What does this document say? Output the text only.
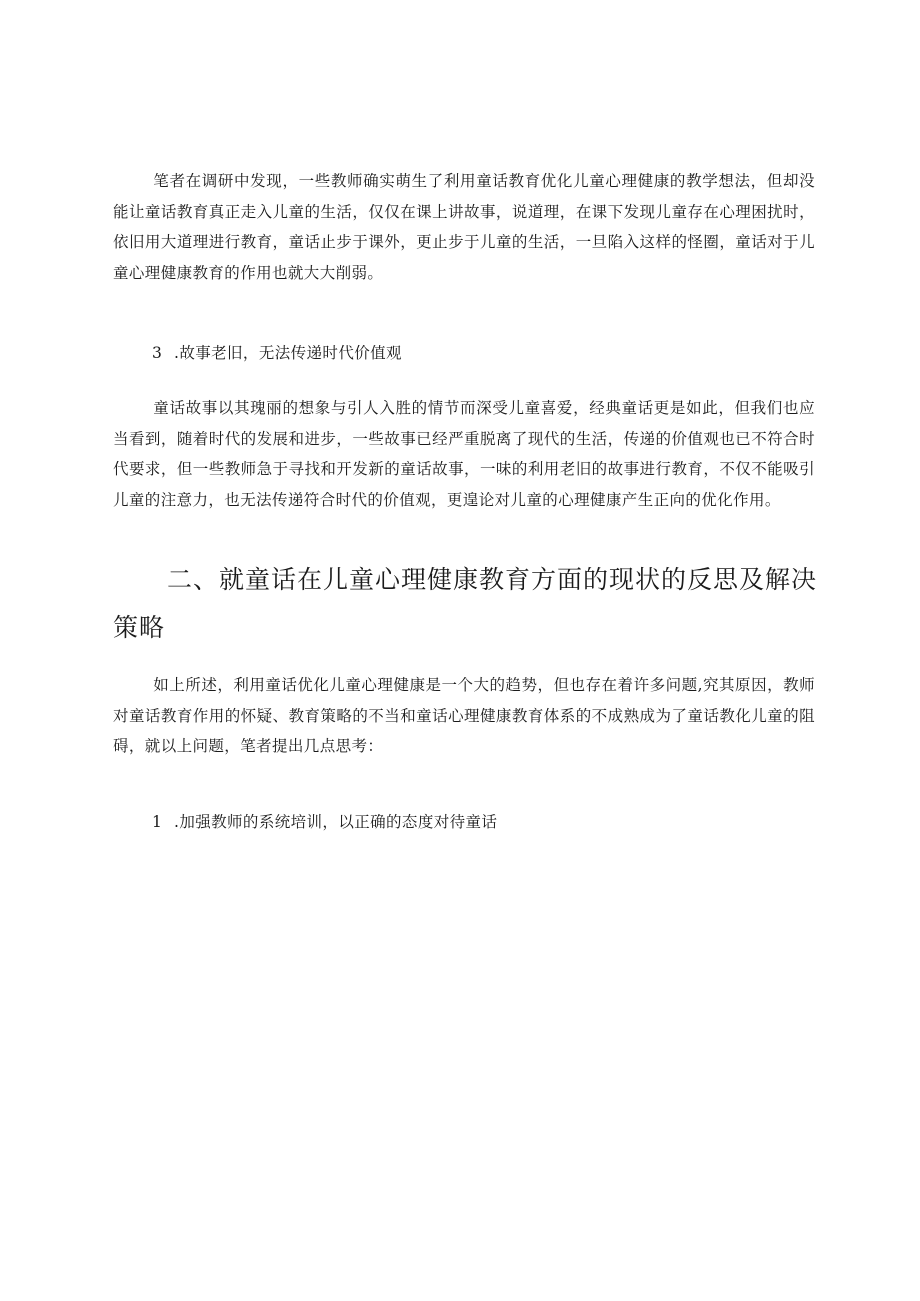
笔者在调研中发现，一些教师确实萌生了利用童话教育优化儿童心理健康的教学想法，但却没能让童话教育真正走入儿童的生活，仅仅在课上讲故事，说道理，在课下发现儿童存在心理困扰时，依旧用大道理进行教育，童话止步于课外，更止步于儿童的生活，一旦陷入这样的怪圈，童话对于儿童心理健康教育的作用也就大大削弱。

3 .故事老旧，无法传递时代价值观

童话故事以其瑰丽的想象与引人入胜的情节而深受儿童喜爱，经典童话更是如此，但我们也应当看到，随着时代的发展和进步，一些故事已经严重脱离了现代的生活，传递的价值观也已不符合时代要求，但一些教师急于寻找和开发新的童话故事，一味的利用老旧的故事进行教育，不仅不能吸引儿童的注意力，也无法传递符合时代的价值观，更遑论对儿童的心理健康产生正向的优化作用。

二、就童话在儿童心理健康教育方面的现状的反思及解决策略

如上所述，利用童话优化儿童心理健康是一个大的趋势，但也存在着许多问题,究其原因，教师对童话教育作用的怀疑、教育策略的不当和童话心理健康教育体系的不成熟成为了童话教化儿童的阻碍，就以上问题，笔者提出几点思考：

1 .加强教师的系统培训，以正确的态度对待童话
